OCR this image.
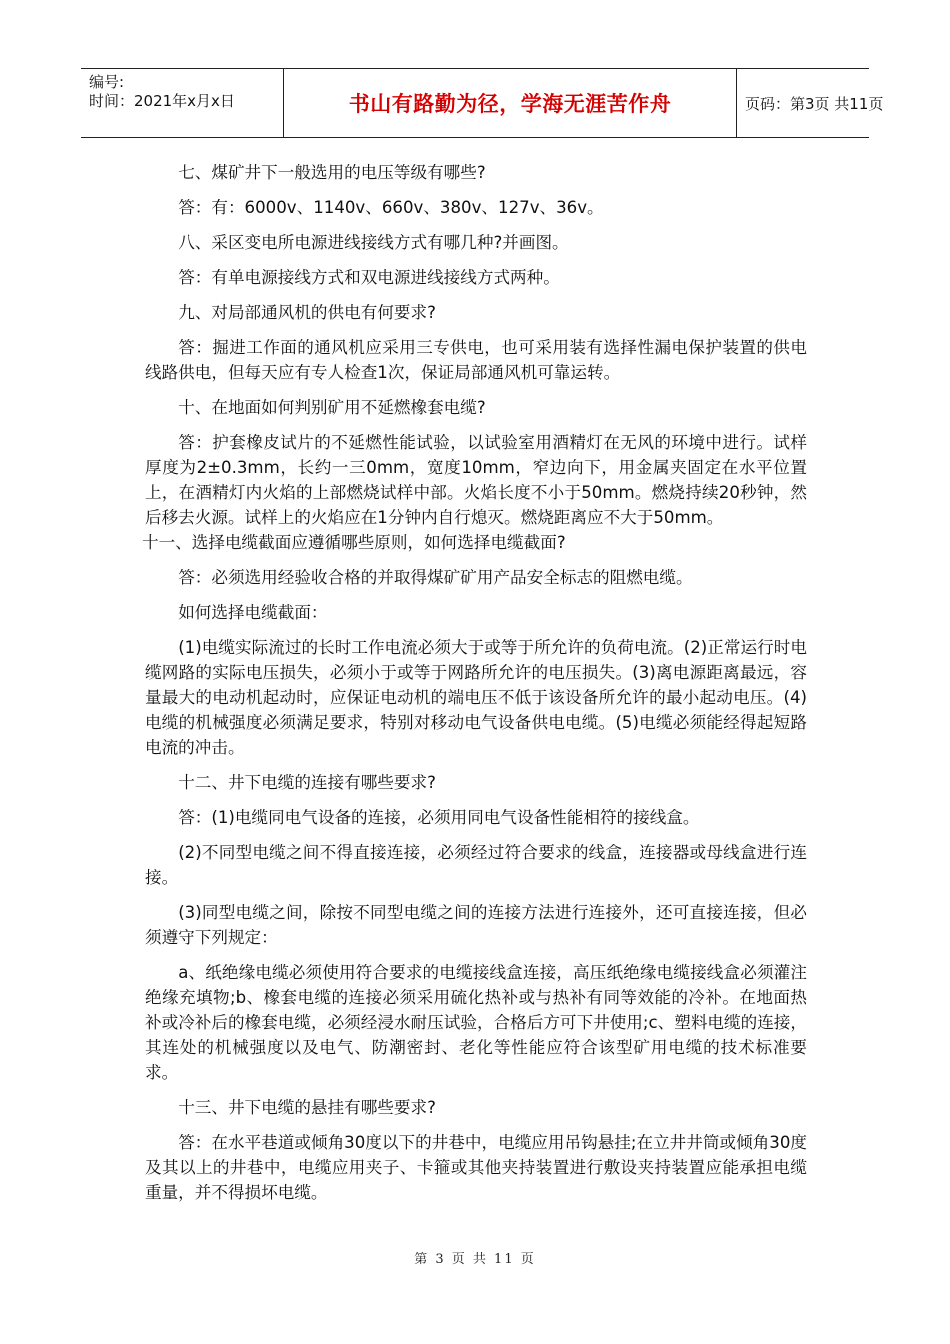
编号:
时间：2021年x月x日	书山有路勤为径，学海无涯苦作舟	页码：第3页 共11页

七、煤矿井下一般选用的电压等级有哪些?

答：有：6000v、1140v、660v、380v、127v、36v。

八、采区变电所电源进线接线方式有哪几种?并画图。

答：有单电源接线方式和双电源进线接线方式两种。

九、对局部通风机的供电有何要求?

答：掘进工作面的通风机应采用三专供电，也可采用装有选择性漏电保护装置的供电线路供电，但每天应有专人检查1次，保证局部通风机可靠运转。

十、在地面如何判别矿用不延燃橡套电缆?

答：护套橡皮试片的不延燃性能试验，以试验室用酒精灯在无风的环境中进行。试样厚度为2±0.3mm，长约一三0mm，宽度10mm，窄边向下，用金属夹固定在水平位置上，在酒精灯内火焰的上部燃烧试样中部。火焰长度不小于50mm。燃烧持续20秒钟，然后移去火源。试样上的火焰应在1分钟内自行熄灭。燃烧距离应不大于50mm。

十一、选择电缆截面应遵循哪些原则，如何选择电缆截面?

答：必须选用经验收合格的并取得煤矿矿用产品安全标志的阻燃电缆。

如何选择电缆截面：

(1)电缆实际流过的长时工作电流必须大于或等于所允许的负荷电流。(2)正常运行时电缆网路的实际电压损失，必须小于或等于网路所允许的电压损失。(3)离电源距离最远，容量最大的电动机起动时，应保证电动机的端电压不低于该设备所允许的最小起动电压。(4)电缆的机械强度必须满足要求，特别对移动电气设备供电电缆。(5)电缆必须能经得起短路电流的冲击。

十二、井下电缆的连接有哪些要求?

答：(1)电缆同电气设备的连接，必须用同电气设备性能相符的接线盒。

(2)不同型电缆之间不得直接连接，必须经过符合要求的线盒，连接器或母线盒进行连接。

(3)同型电缆之间，除按不同型电缆之间的连接方法进行连接外，还可直接连接，但必须遵守下列规定：

a、纸绝缘电缆必须使用符合要求的电缆接线盒连接，高压纸绝缘电缆接线盒必须灌注绝缘充填物;b、橡套电缆的连接必须采用硫化热补或与热补有同等效能的冷补。在地面热补或冷补后的橡套电缆，必须经浸水耐压试验，合格后方可下井使用;c、塑料电缆的连接，其连处的机械强度以及电气、防潮密封、老化等性能应符合该型矿用电缆的技术标准要求。

十三、井下电缆的悬挂有哪些要求?

答：在水平巷道或倾角30度以下的井巷中，电缆应用吊钩悬挂;在立井井筒或倾角30度及其以上的井巷中，电缆应用夹子、卡箍或其他夹持装置进行敷设夹持装置应能承担电缆重量，并不得损坏电缆。

第 3 页 共 11 页
